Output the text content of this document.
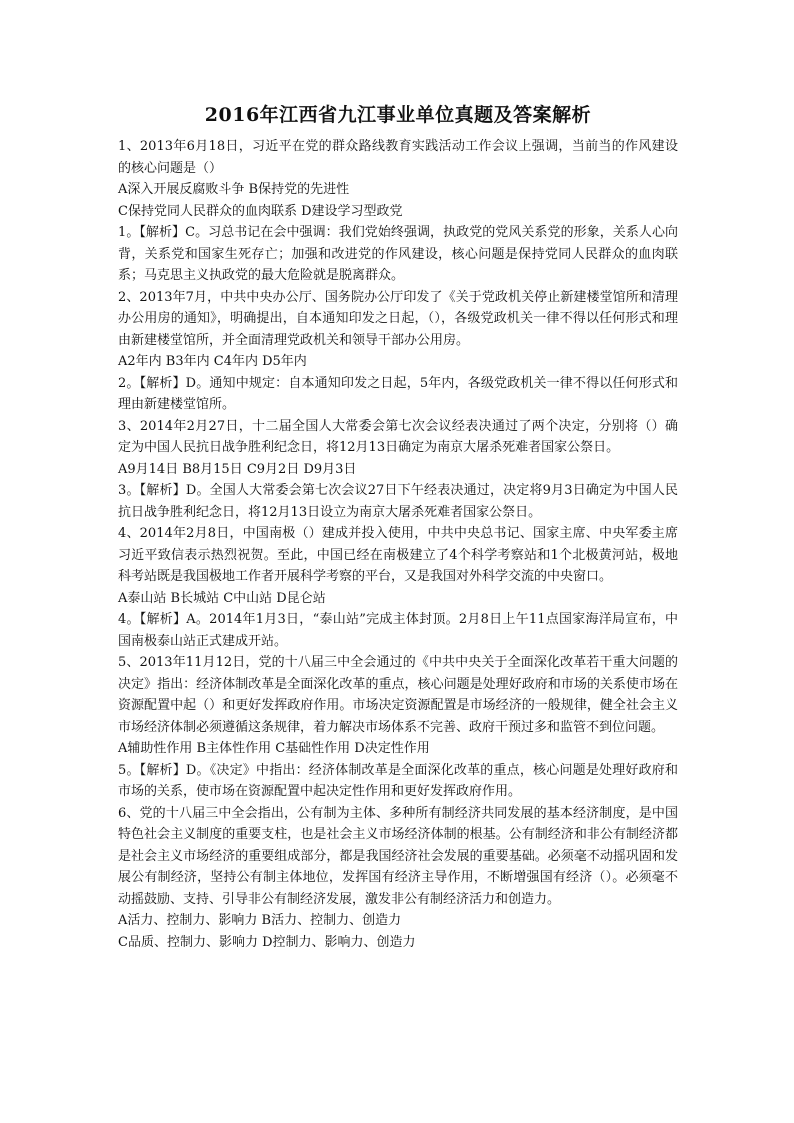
2016年江西省九江事业单位真题及答案解析

1、2013年6月18日，习近平在党的群众路线教育实践活动工作会议上强调，当前当的作风建设的核心问题是（）

A深入开展反腐败斗争 B保持党的先进性

C保持党同人民群众的血肉联系 D建设学习型政党

1。【解析】C。习总书记在会中强调：我们党始终强调，执政党的党风关系党的形象，关系人心向背，关系党和国家生死存亡；加强和改进党的作风建设，核心问题是保持党同人民群众的血肉联系；马克思主义执政党的最大危险就是脱离群众。

2、2013年7月，中共中央办公厅、国务院办公厅印发了《关于党政机关停止新建楼堂馆所和清理办公用房的通知》，明确提出，自本通知印发之日起，（），各级党政机关一律不得以任何形式和理由新建楼堂馆所，并全面清理党政机关和领导干部办公用房。

A2年内 B3年内 C4年内 D5年内

2。【解析】D。通知中规定：自本通知印发之日起，5年内，各级党政机关一律不得以任何形式和理由新建楼堂馆所。

3、2014年2月27日，十二届全国人大常委会第七次会议经表决通过了两个决定，分别将（）确定为中国人民抗日战争胜利纪念日，将12月13日确定为南京大屠杀死难者国家公祭日。

A9月14日 B8月15日 C9月2日 D9月3日

3。【解析】D。全国人大常委会第七次会议27日下午经表决通过，决定将9月3日确定为中国人民抗日战争胜利纪念日，将12月13日设立为南京大屠杀死难者国家公祭日。

4、2014年2月8日，中国南极（）建成并投入使用，中共中央总书记、国家主席、中央军委主席习近平致信表示热烈祝贺。至此，中国已经在南极建立了4个科学考察站和1个北极黄河站，极地科考站既是我国极地工作者开展科学考察的平台，又是我国对外科学交流的中央窗口。

A泰山站 B长城站 C中山站 D昆仑站

4。【解析】A。2014年1月3日，“泰山站”完成主体封顶。2月8日上午11点国家海洋局宣布，中国南极泰山站正式建成开站。

5、2013年11月12日，党的十八届三中全会通过的《中共中央关于全面深化改革若干重大问题的决定》指出：经济体制改革是全面深化改革的重点，核心问题是处理好政府和市场的关系使市场在资源配置中起（）和更好发挥政府作用。市场决定资源配置是市场经济的一般规律，健全社会主义市场经济体制必须遵循这条规律，着力解决市场体系不完善、政府干预过多和监管不到位问题。

A辅助性作用 B主体性作用 C基础性作用 D决定性作用

5。【解析】D。《决定》中指出：经济体制改革是全面深化改革的重点，核心问题是处理好政府和市场的关系，使市场在资源配置中起决定性作用和更好发挥政府作用。

6、党的十八届三中全会指出，公有制为主体、多种所有制经济共同发展的基本经济制度，是中国特色社会主义制度的重要支柱，也是社会主义市场经济体制的根基。公有制经济和非公有制经济都是社会主义市场经济的重要组成部分，都是我国经济社会发展的重要基础。必须毫不动摇巩固和发展公有制经济，坚持公有制主体地位，发挥国有经济主导作用，不断增强国有经济（）。必须毫不动摇鼓励、支持、引导非公有制经济发展，激发非公有制经济活力和创造力。

A活力、控制力、影响力 B活力、控制力、创造力

C品质、控制力、影响力 D控制力、影响力、创造力
